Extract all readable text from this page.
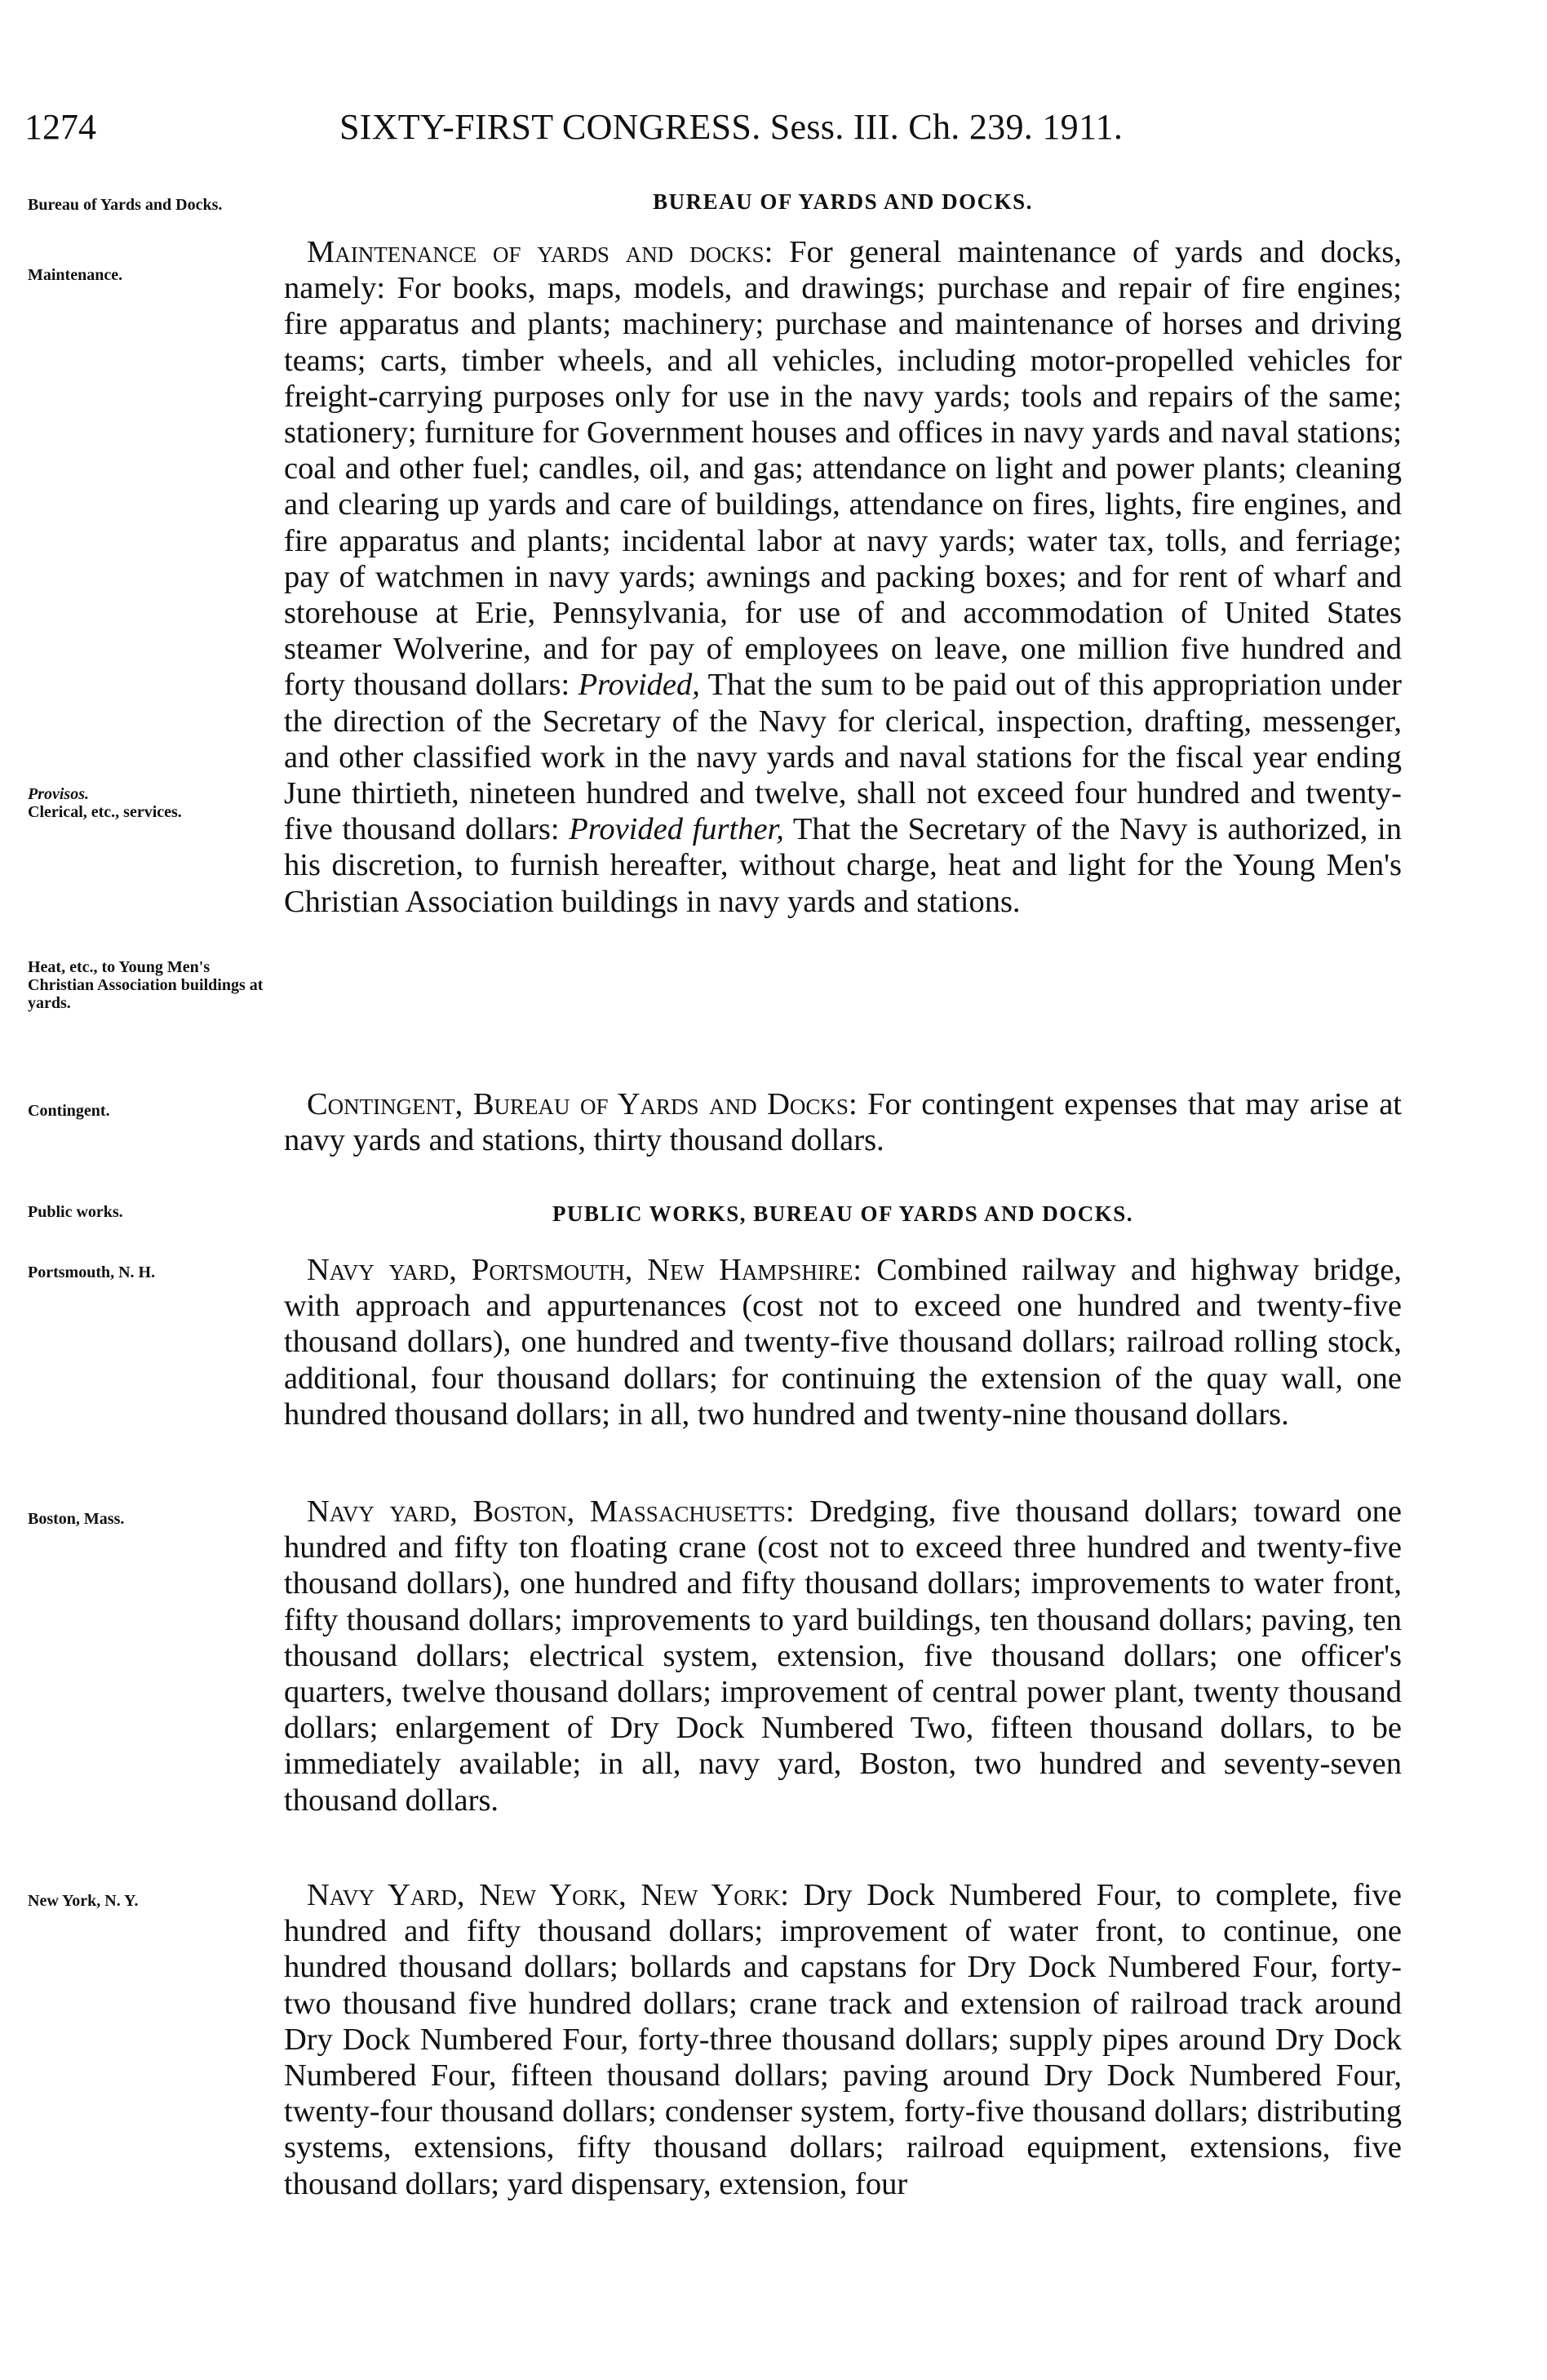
1274	SIXTY-FIRST CONGRESS. Sess. III. Ch. 239. 1911.
Bureau of Yards and Docks.
Maintenance.
Provisos.
Clerical, etc., services.
Heat, etc., to Young Men's Christian Association buildings at yards.
Contingent.
Public works.
Portsmouth, N. H.
Boston, Mass.
New York, N. Y.
BUREAU OF YARDS AND DOCKS.

Maintenance of yards and docks: For general maintenance of yards and docks, namely: For books, maps, models, and drawings; purchase and repair of fire engines; fire apparatus and plants; machinery; purchase and maintenance of horses and driving teams; carts, timber wheels, and all vehicles, including motor-propelled vehicles for freight-carrying purposes only for use in the navy yards; tools and repairs of the same; stationery; furniture for Government houses and offices in navy yards and naval stations; coal and other fuel; candles, oil, and gas; attendance on light and power plants; cleaning and clearing up yards and care of buildings, attendance on fires, lights, fire engines, and fire apparatus and plants; incidental labor at navy yards; water tax, tolls, and ferriage; pay of watchmen in navy yards; awnings and packing boxes; and for rent of wharf and storehouse at Erie, Pennsylvania, for use of and accommodation of United States steamer Wolverine, and for pay of employees on leave, one million five hundred and forty thousand dollars: Provided, That the sum to be paid out of this appropriation under the direction of the Secretary of the Navy for clerical, inspection, drafting, messenger, and other classified work in the navy yards and naval stations for the fiscal year ending June thirtieth, nineteen hundred and twelve, shall not exceed four hundred and twenty-five thousand dollars: Provided further, That the Secretary of the Navy is authorized, in his discretion, to furnish hereafter, without charge, heat and light for the Young Men's Christian Association buildings in navy yards and stations.

Contingent, Bureau of Yards and Docks: For contingent expenses that may arise at navy yards and stations, thirty thousand dollars.

PUBLIC WORKS, BUREAU OF YARDS AND DOCKS.

Navy yard, Portsmouth, New Hampshire: Combined railway and highway bridge, with approach and appurtenances (cost not to exceed one hundred and twenty-five thousand dollars), one hundred and twenty-five thousand dollars; railroad rolling stock, additional, four thousand dollars; for continuing the extension of the quay wall, one hundred thousand dollars; in all, two hundred and twenty-nine thousand dollars.

Navy yard, Boston, Massachusetts: Dredging, five thousand dollars; toward one hundred and fifty ton floating crane (cost not to exceed three hundred and twenty-five thousand dollars), one hundred and fifty thousand dollars; improvements to water front, fifty thousand dollars; improvements to yard buildings, ten thousand dollars; paving, ten thousand dollars; electrical system, extension, five thousand dollars; one officer's quarters, twelve thousand dollars; improvement of central power plant, twenty thousand dollars; enlargement of Dry Dock Numbered Two, fifteen thousand dollars, to be immediately available; in all, navy yard, Boston, two hundred and seventy-seven thousand dollars.

Navy Yard, New York, New York: Dry Dock Numbered Four, to complete, five hundred and fifty thousand dollars; improvement of water front, to continue, one hundred thousand dollars; bollards and capstans for Dry Dock Numbered Four, forty-two thousand five hundred dollars; crane track and extension of railroad track around Dry Dock Numbered Four, forty-three thousand dollars; supply pipes around Dry Dock Numbered Four, fifteen thousand dollars; paving around Dry Dock Numbered Four, twenty-four thousand dollars; condenser system, forty-five thousand dollars; distributing systems, extensions, fifty thousand dollars; railroad equipment, extensions, five thousand dollars; yard dispensary, extension, four
